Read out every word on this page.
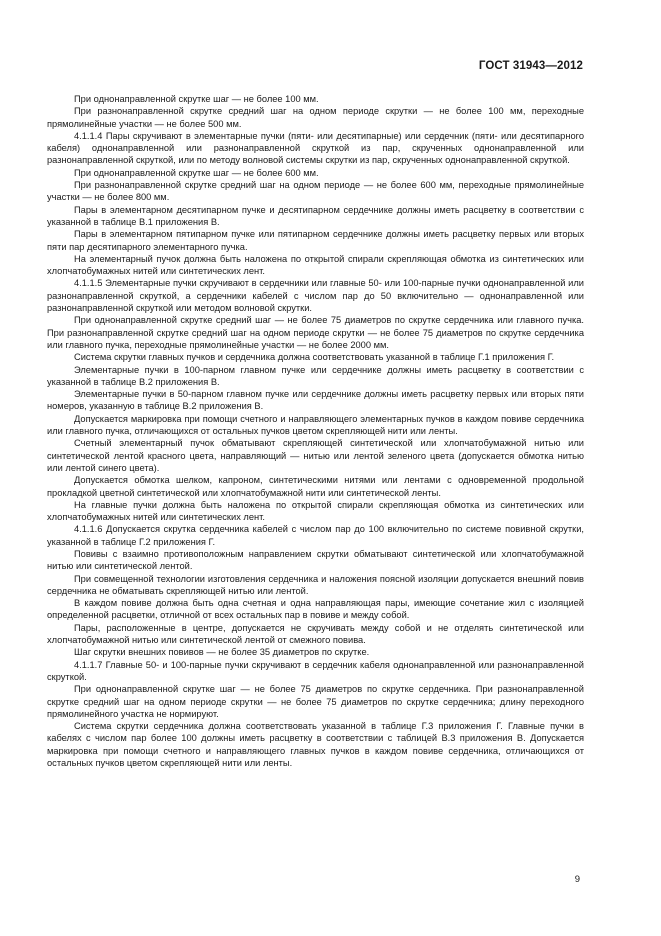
ГОСТ 31943—2012

При однонаправленной скрутке шаг — не более 100 мм.

При разнонаправленной скрутке средний шаг на одном периоде скрутки — не более 100 мм, переходные прямолинейные участки — не более 500 мм.

4.1.1.4 Пары скручивают в элементарные пучки (пяти- или десятипарные) или сердечник (пяти- или десятипарного кабеля) однонаправленной или разнонаправленной скруткой из пар, скрученных однонаправленной или разнонаправленной скруткой, или по методу волновой системы скрутки из пар, скрученных однонаправленной скруткой.

При однонаправленной скрутке шаг — не более 600 мм.

При разнонаправленной скрутке средний шаг на одном периоде — не более 600 мм, переходные прямолинейные участки — не более 800 мм.

Пары в элементарном десятипарном пучке и десятипарном сердечнике должны иметь расцветку в соответствии с указанной в таблице В.1 приложения В.

Пары в элементарном пятипарном пучке или пятипарном сердечнике должны иметь расцветку первых или вторых пяти пар десятипарного элементарного пучка.

На элементарный пучок должна быть наложена по открытой спирали скрепляющая обмотка из синтетических или хлопчатобумажных нитей или синтетических лент.

4.1.1.5 Элементарные пучки скручивают в сердечники или главные 50- или 100-парные пучки однонаправленной или разнонаправленной скруткой, а сердечники кабелей с числом пар до 50 включительно — однонаправленной или разнонаправленной скруткой или методом волновой скрутки.

При однонаправленной скрутке средний шаг — не более 75 диаметров по скрутке сердечника или главного пучка. При разнонаправленной скрутке средний шаг на одном периоде скрутки — не более 75 диаметров по скрутке сердечника или главного пучка, переходные прямолинейные участки — не более 2000 мм.

Система скрутки главных пучков и сердечника должна соответствовать указанной в таблице Г.1 приложения Г.

Элементарные пучки в 100-парном главном пучке или сердечнике должны иметь расцветку в соответствии с указанной в таблице В.2 приложения В.

Элементарные пучки в 50-парном главном пучке или сердечнике должны иметь расцветку первых или вторых пяти номеров, указанную в таблице В.2 приложения В.

Допускается маркировка при помощи счетного и направляющего элементарных пучков в каждом повиве сердечника или главного пучка, отличающихся от остальных пучков цветом скрепляющей нити или ленты.

Счетный элементарный пучок обматывают скрепляющей синтетической или хлопчатобумажной нитью или синтетической лентой красного цвета, направляющий — нитью или лентой зеленого цвета (допускается обмотка нитью или лентой синего цвета).

Допускается обмотка шелком, капроном, синтетическими нитями или лентами с одновременной продольной прокладкой цветной синтетической или хлопчатобумажной нити или синтетической ленты.

На главные пучки должна быть наложена по открытой спирали скрепляющая обмотка из синтетических или хлопчатобумажных нитей или синтетических лент.

4.1.1.6 Допускается скрутка сердечника кабелей с числом пар до 100 включительно по системе повивной скрутки, указанной в таблице Г.2 приложения Г.

Повивы с взаимно противоположным направлением скрутки обматывают синтетической или хлопчатобумажной нитью или синтетической лентой.

При совмещенной технологии изготовления сердечника и наложения поясной изоляции допускается внешний повив сердечника не обматывать скрепляющей нитью или лентой.

В каждом повиве должна быть одна счетная и одна направляющая пары, имеющие сочетание жил с изоляцией определенной расцветки, отличной от всех остальных пар в повиве и между собой.

Пары, расположенные в центре, допускается не скручивать между собой и не отделять синтетической или хлопчатобумажной нитью или синтетической лентой от смежного повива.

Шаг скрутки внешних повивов — не более 35 диаметров по скрутке.

4.1.1.7 Главные 50- и 100-парные пучки скручивают в сердечник кабеля однонаправленной или разнонаправленной скруткой.

При однонаправленной скрутке шаг — не более 75 диаметров по скрутке сердечника. При разнонаправленной скрутке средний шаг на одном периоде скрутки — не более 75 диаметров по скрутке сердечника; длину переходного прямолинейного участка не нормируют.

Система скрутки сердечника должна соответствовать указанной в таблице Г.3 приложения Г. Главные пучки в кабелях с числом пар более 100 должны иметь расцветку в соответствии с таблицей В.3 приложения В. Допускается маркировка при помощи счетного и направляющего главных пучков в каждом повиве сердечника, отличающихся от остальных пучков цветом скрепляющей нити или ленты.

9
